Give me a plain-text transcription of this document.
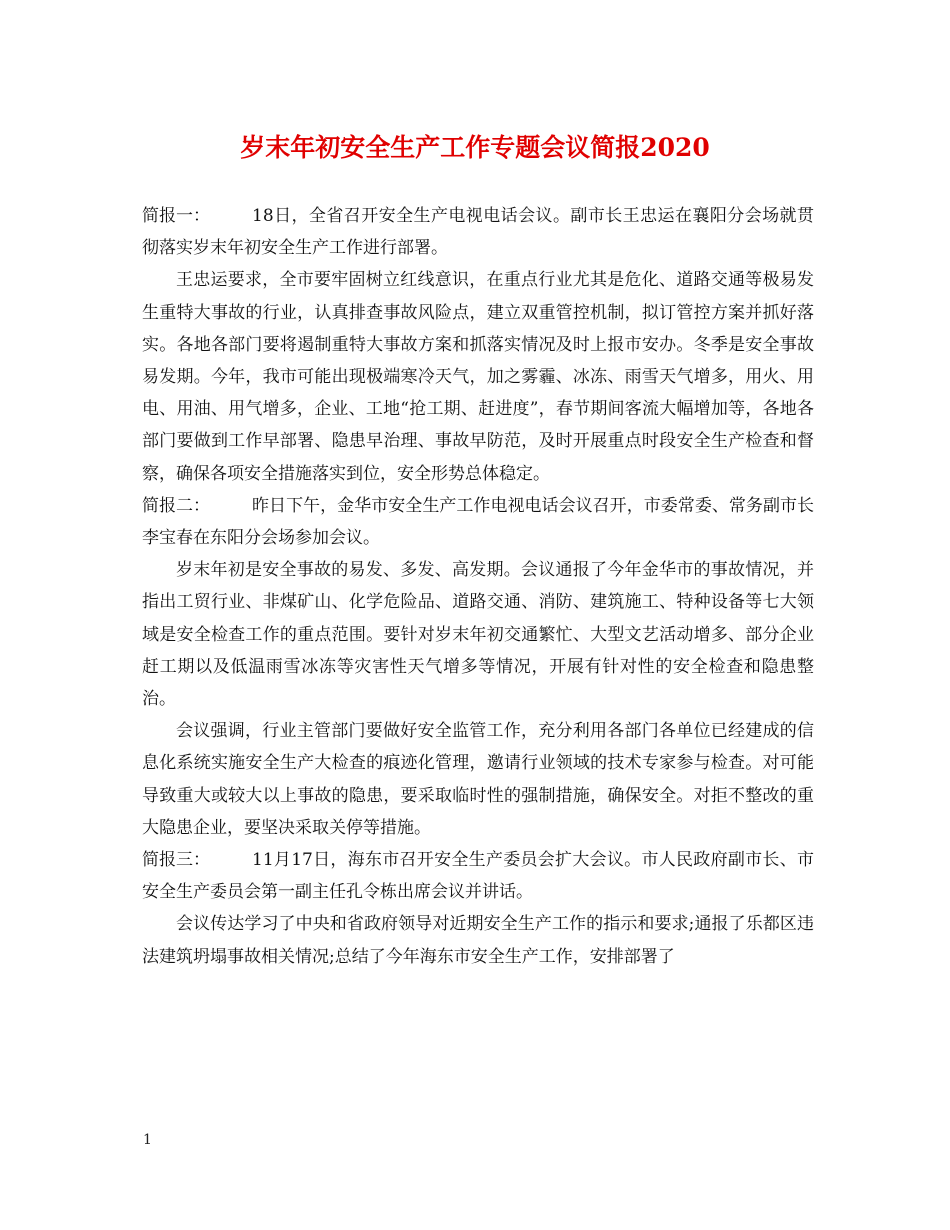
岁末年初安全生产工作专题会议简报2020

简报一： 18日，全省召开安全生产电视电话会议。副市长王忠运在襄阳分会场就贯彻落实岁末年初安全生产工作进行部署。

王忠运要求，全市要牢固树立红线意识，在重点行业尤其是危化、道路交通等极易发生重特大事故的行业，认真排查事故风险点，建立双重管控机制，拟订管控方案并抓好落实。各地各部门要将遏制重特大事故方案和抓落实情况及时上报市安办。冬季是安全事故易发期。今年，我市可能出现极端寒冷天气，加之雾霾、冰冻、雨雪天气增多，用火、用电、用油、用气增多，企业、工地“抢工期、赶进度”，春节期间客流大幅增加等，各地各部门要做到工作早部署、隐患早治理、事故早防范，及时开展重点时段安全生产检查和督察，确保各项安全措施落实到位，安全形势总体稳定。

简报二： 昨日下午，金华市安全生产工作电视电话会议召开，市委常委、常务副市长李宝春在东阳分会场参加会议。

岁末年初是安全事故的易发、多发、高发期。会议通报了今年金华市的事故情况，并指出工贸行业、非煤矿山、化学危险品、道路交通、消防、建筑施工、特种设备等七大领域是安全检查工作的重点范围。要针对岁末年初交通繁忙、大型文艺活动增多、部分企业赶工期以及低温雨雪冰冻等灾害性天气增多等情况，开展有针对性的安全检查和隐患整治。

会议强调，行业主管部门要做好安全监管工作，充分利用各部门各单位已经建成的信息化系统实施安全生产大检查的痕迹化管理，邀请行业领域的技术专家参与检查。对可能导致重大或较大以上事故的隐患，要采取临时性的强制措施，确保安全。对拒不整改的重大隐患企业，要坚决采取关停等措施。

简报三： 11月17日，海东市召开安全生产委员会扩大会议。市人民政府副市长、市安全生产委员会第一副主任孔令栋出席会议并讲话。

会议传达学习了中央和省政府领导对近期安全生产工作的指示和要求;通报了乐都区违法建筑坍塌事故相关情况;总结了今年海东市安全生产工作，安排部署了

1
